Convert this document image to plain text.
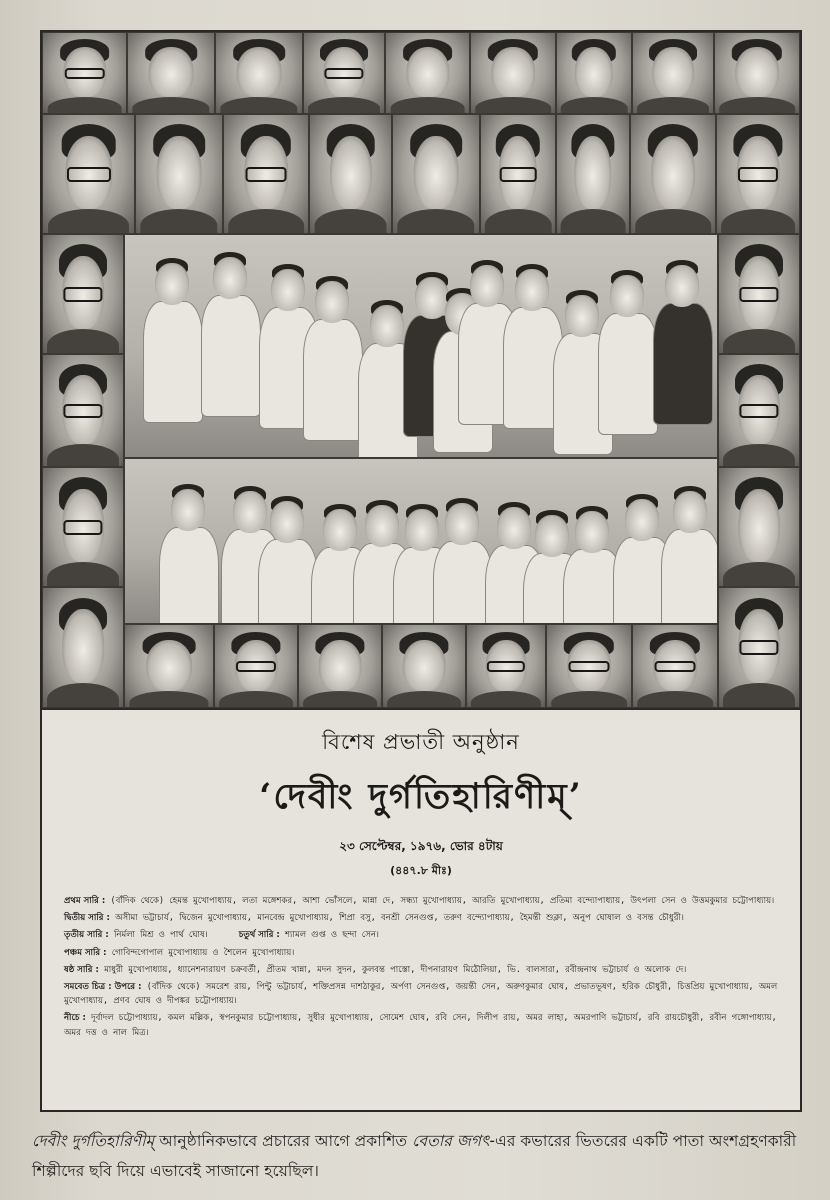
বিশেষ প্রভাতী অনুষ্ঠান
‘দেবীং দুর্গতিহারিণীম্’
২৩ সেপ্টেম্বর, ১৯৭৬, ভোর ৪টায়
(৪৪৭.৮ মীঃ)

প্রথম সারি : (বাঁদিক থেকে) হেমন্ত মুখোপাধ্যায়, লতা মঙ্গেশকর, আশা ভোঁসলে, মান্না দে, সন্ধ্যা মুখোপাধ্যায়, আরতি মুখোপাধ্যায়, প্রতিমা বন্দ্যোপাধ্যায়, উৎপলা সেন ও উত্তমকুমার চট্টোপাধ্যায়।

দ্বিতীয় সারি : অসীমা ভট্টাচার্য, দ্বিজেন মুখোপাধ্যায়, মানবেন্দ্র মুখোপাধ্যায়, শিপ্রা বসু, বনশ্রী সেনগুপ্ত, তরুণ বন্দ্যোপাধ্যায়, হৈমন্তী শুক্লা, অনুপ ঘোষাল ও বসন্ত চৌধুরী।

তৃতীয় সারি : নির্মলা মিশ্র ও পার্থ ঘোষ।	চতুর্থ সারি : শ্যামল গুপ্ত ও ছন্দা সেন।

পঞ্চম সারি : গোবিন্দগোপাল মুখোপাধ্যায় ও শৈলেন মুখোপাধ্যায়।

ষষ্ঠ সারি : মাধুরী মুখোপাধ্যায়, ধ্যানেশনারায়ণ চক্রবর্তী, প্রীতম খান্না, মদন সুদন, কুলবন্ত পাস্তো, দীপনারায়ণ মিঠৌলিয়া, ভি. বালসারা, রবীন্দ্রনাথ ভট্টাচার্য ও অলোক দে।

সমবেত চিত্র : উপরে : (বাঁদিক থেকে) সমরেশ রায়, পিন্টু ভট্টাচার্য, শক্তিপ্রসন্ন দাশঠাকুর, অর্পণা সেনগুপ্ত, জয়ন্তী সেন, অরুণকুমার ঘোষ, প্রভাতভূষণ, হরিক চৌধুরী, চিত্তপ্রিয় মুখোপাধ্যায়, অমল মুখোপাধ্যায়, প্রণব ঘোষ ও দীপঙ্কর চট্টোপাধ্যায়।

নীচে : দূর্বাদল চট্টোপাধ্যায়, কমল মল্লিক, স্বপনকুমার চট্টোপাধ্যায়, সুধীর মুখোপাধ্যায়, সোমেশ ঘোষ, রবি সেন, দিলীপ রায়, অমর লাহা, অমরপাণি ভট্টাচার্য, রবি রায়চৌধুরী, রবীন গঙ্গোপাধ্যায়, অমর দত্ত ও নাল মিত্র।

দেবীং দুর্গতিহারিণীম্ আনুষ্ঠানিকভাবে প্রচারের আগে প্রকাশিত বেতার জগৎ-এর কভারের ভিতরের একটি পাতা অংশগ্রহণকারী শিল্পীদের ছবি দিয়ে এভাবেই সাজানো হয়েছিল।
